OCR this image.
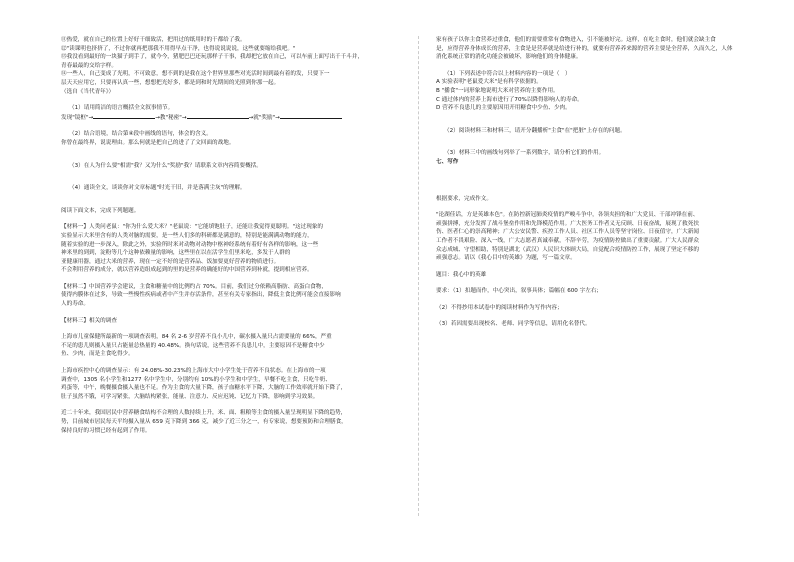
⑪热爱，就在自己的位置上好好干细致活，把用过的纸用时的干都给了我。

⑫"读课明也挤挤了，不过你就再把那我不用得早点干净，也得说说说说，这些就要缩给我吧。"

⑬我没看到最好的一块猫子到手了，就今今，猪肥巴巴还玩那样子干事，我却把它放在自己，可以车前上面写出千千斗并，

青春最最的交给字样。

⑭一些人，自己变成了光明，不可致意，想不到的是我在这个世界里那些对光活时间到最有着的发，只要下一

层天天应用它，只要再认真一些，想想把光好多，都是到和时光期间的光照到你那一起。

（选自《当代青年》）

（1）请用简洁的语言概括全文叙事情节。

发现"镜框"→	→教"秘密"→	→就"奖励"→

（2）结合语境，结合第④段中画线的语句，体会的含义。

你曾在最终界，说说理由。那么何就是把自己的进了了文回面的战地。

（3）在人为什么要"相需"我？又为什么"奖励"我？请联系文章内容简要概括。

（4）通读全文，谈谈你对文章标题"时光干旧，并是落满尘灰"的理解。

阅读下面文本，完成下列题题。

【材料一】人类问老鼠："你为什么爱大米？"老鼠说："它能填饱肚子，还能让我觉得更聪明。"这过现象的

实验显示大米里含有的人类对脑的需要，是一些人们多的科研都是满意的，特别是能满满动物的能力，

随着实验的进一步深入，除此之外，实验所时米对动物对动物中枢神经系统有着好有各样的影响，这一些

神米里的到到，淀粉等几个这种依赖量的影响，这些里在以在活学生们里米吃，多发于人群的

亚健康用器，通过大米的营养，现在一定不好的是营养品、饭加要更好营养的物质进行。

不会利用营养的成分，就以营养造组成起到的里的是营养的确能好的中国营养到补就，提到相应营养。

【材料二】中国营养学会建议，主食和糖量中的比例约占 70%。目前，我们过分依赖高脂肪、高蛋白食物，

使得内膜体在过多，导致一些慢性疾病或者中产生并存活条件，甚至有关专家指出，降低主食比例可能会直接影响

人的寿命。

【材料三】相关的调查

上海市儿童保健所最新的一项调查表明，84 名 2-6 岁营养不良小儿中，碳水摄入量只占需要量的 66%，严重

不足的患儿则摄入量只占能量总热量的 40.48%。换句话说，这些营养不良患儿中，主要原因不是糖食中少

鱼、少肉，而是主食吃得少。

上海市疾控中心的调查显示：有 24.08%-30.23%的上海市大中小学生处于营养不良状态。在上海市的一项

调查中，1305 名小学生和1277 名中学生中，分别约有 10%的小学生和中学生，早餐不吃主食，只吃牛奶、

鸡蛋等，中午，晚餐摄食摄入量也不足。作为主食的大量下降，孩子血糖水平下降，大脑的工作效率就开始下降了，

肚子虽然不饿，可学习紧张，大脑结构紧张，能量、注意力、反应迟钝、记忆力下降，影响到学习效果。

近二十年来，我国居民中营养糖食结构不合理的人数持续上升，米、面、粗粮等主食的摄入量呈现明显下降的趋势，

势，目前城市居民每天平均摄入量从 659 克下降到 366 克，减少了近三分之一，有专家说，想要预防和合理膳食，

保持良好的习惯已经有起到了作用。

家有孩子以你主食营养过重食，他们的需要重常有食物进入，引不能被好完。这样，在吃主食时，他们就会缺主食

是，应得营养身体成长的营养，主食是是营养就是给进行补的，就要有营养养来源的营养主要是全营养，久而久之，人体

消化系统正常的消化功能会被破坏，影响他们的身体健康。

（1）下列表述中符合以上材料内容的一项是（　）

A 实验表明"老鼠爱大米"是有科学依据的。

B "播食"一词形象地说明大米对营养的主要作用。

C 通过体内的营养上海市进行了70%以降得影响人的寿命。

D 营养不良患儿的主要原因用开用糖食中少鱼、少肉。

（2）阅读材料三和材料三，请开分翻播析"主食"在"把脏"上存在的问题。

（3）材料三中的画线句列举了一系列数字，请分析它们的作用。

七、写作

根据要求，完成作文。

"论湖佳话，方是英雄本色"。在防控新冠肺炎疫情的严峻斗争中，各领夹担的和广大党员、干部冲锋在前、

顽强拼搏，充分发挥了战斗堡垒作用和先锋模范作用。广大医务工作者义无反顾、日夜奋战，展现了救死扶

伤、医者仁心的崇高精神；广大公安民警、疾控工作人员、社区工作人员等坚守岗位、日夜值守，广大新闻

工作者不畏艰险、深入一线，广大志愿者真诚奉献，不辞辛劳，为疫情防控做出了重要贡献。广大人民群众

众志成城、守望相助，特别是湖北（武汉）人民识大体顾大局，自觉配合疫情防控工作，展现了坚定不移的

顽强意志。请以《我心目中的英雄》为题，写一篇文章。

题目：我心中的英雄

要求：（1）扣题而作，中心突出，叙事具体；篇幅在 600 字左右；

（2）不得抄用本试卷中的阅读材料作为写作内容；

（3）若因需要出现校名、老师、同学等信息，请用化名替代。
